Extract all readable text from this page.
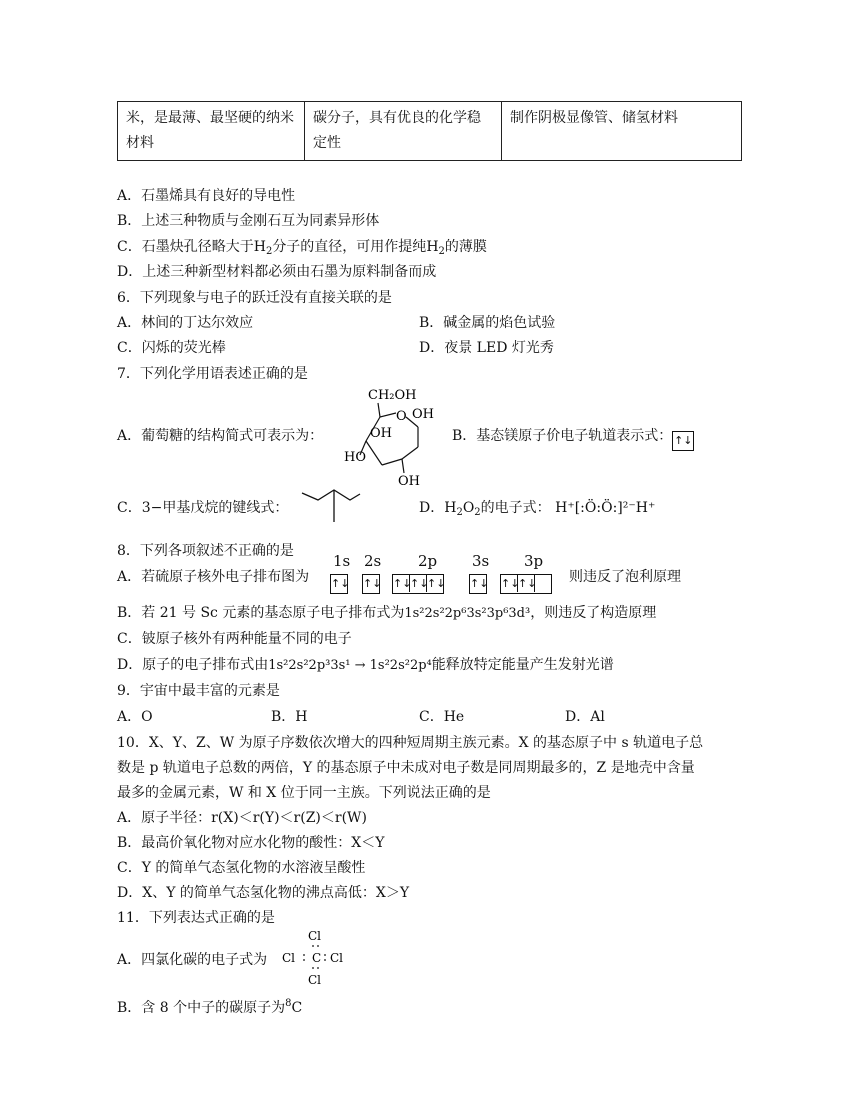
米，是最薄、最坚硬的纳米材料	碳分子，具有优良的化学稳定性	制作阴极显像管、储氢材料
A．石墨烯具有良好的导电性
B．上述三种物质与金刚石互为同素异形体
C．石墨炔孔径略大于$H_2$分子的直径，可用作提纯$H_2$的薄膜
D．上述三种新型材料都必须由石墨为原料制备而成
6．下列现象与电子的跃迁没有直接关联的是
A．林间的丁达尔效应	B．碱金属的焰色试验
C．闪烁的荧光棒	D．夜景 LED 灯光秀
7．下列化学用语表述正确的是
A．葡萄糖的结构简式可表示为：
CH₂OH
O OH
OH
HO
OH
B．基态镁原子价电子轨道表示式： ↑↓
C．3−甲基戊烷的键线式：	D．$H_2O_2$的电子式： H⁺[:Ö:Ö:]²⁻H⁺
8．下列各项叙述不正确的是
A．若硫原子核外电子排布图为
1s 2s 2p 3s 3p
↑↓ ↑↓ ↑↓
↑↓
↑↓ ↑↓ ↑↓
↑↓ 则违反了泡利原理
B．若 21 号 Sc 元素的基态原子电子排布式为1s²2s²2p⁶3s²3p⁶3d³，则违反了构造原理
C．铍原子核外有两种能量不同的电子
D．原子的电子排布式由1s²2s²2p³3s¹ → 1s²2s²2p⁴能释放特定能量产生发射光谱
9．宇宙中最丰富的元素是
A．O	B．H	C．He	D．Al
10．X、Y、Z、W 为原子序数依次增大的四种短周期主族元素。X 的基态原子中 s 轨道电子总
数是 p 轨道电子总数的两倍，Y 的基态原子中未成对电子数是同周期最多的，Z 是地壳中含量
最多的金属元素，W 和 X 位于同一主族。下列说法正确的是
A．原子半径：r(X)＜r(Y)＜r(Z)＜r(W)
B．最高价氧化物对应水化物的酸性：X＜Y
C．Y 的简单气态氢化物的水溶液呈酸性
D．X、Y 的简单气态氢化物的沸点高低：X＞Y
11．下列表达式正确的是
A．四氯化碳的电子式为
Cl
Cl C Cl
Cl
B．含 8 个中子的碳原子为$^8$C
